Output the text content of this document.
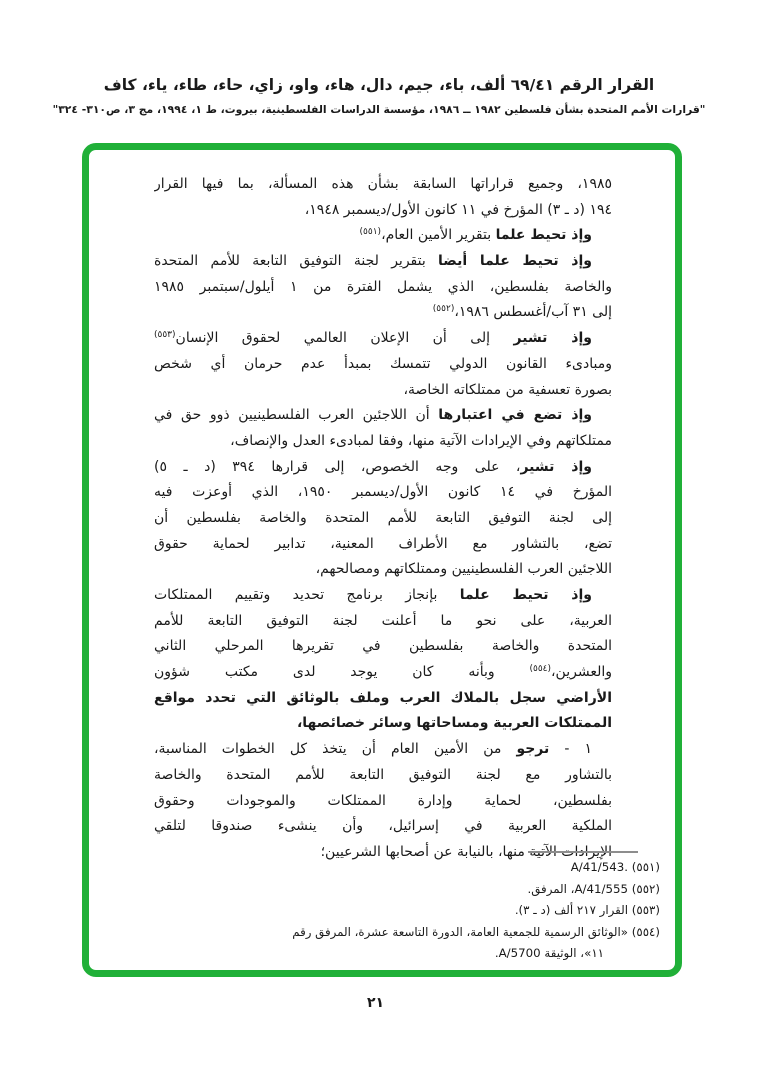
القرار الرقم ٦٩/٤١ ألف، باء، جيم، دال، هاء، واو، زاي، حاء، طاء، ياء، كاف
"قرارات الأمم المتحدة بشأن فلسطين ١٩٨٢ ــ ١٩٨٦، مؤسسة الدراسات الفلسطينية، بيروت، ط ١، ١٩٩٤، مج ٣، ص٣١٠- ٣٢٤"
١٩٨٥، وجميع قراراتها السابقة بشأن هذه المسألة، بما فيها القرار
١٩٤ (د ـ ٣) المؤرخ في ١١ كانون الأول/ديسمبر ١٩٤٨،
وإذ تحيط علما بتقرير الأمين العام،$^{(٥٥١)}$
وإذ تحيط علما أيضا بتقرير لجنة التوفيق التابعة للأمم المتحدة
والخاصة بفلسطين، الذي يشمل الفترة من ١ أيلول/سبتمبر ١٩٨٥
إلى ٣١ آب/أغسطس ١٩٨٦،$^{(٥٥٢)}$
وإذ تشير إلى أن الإعلان العالمي لحقوق الإنسان$^{(٥٥٣)}$
ومبادىء القانون الدولي تتمسك بمبدأ عدم حرمان أي شخص
بصورة تعسفية من ممتلكاته الخاصة،
وإذ تضع في اعتبارها أن اللاجئين العرب الفلسطينيين ذوو حق في
ممتلكاتهم وفي الإيرادات الآتية منها، وفقا لمبادىء العدل والإنصاف،
وإذ تشير، على وجه الخصوص، إلى قرارها ٣٩٤ (د ـ ٥)
المؤرخ في ١٤ كانون الأول/ديسمبر ١٩٥٠، الذي أوعزت فيه
إلى لجنة التوفيق التابعة للأمم المتحدة والخاصة بفلسطين أن
تضع، بالتشاور مع الأطراف المعنية، تدابير لحماية حقوق
اللاجئين العرب الفلسطينيين وممتلكاتهم ومصالحهم،
وإذ تحيط علما بإنجاز برنامج تحديد وتقييم الممتلكات
العربية، على نحو ما أعلنت لجنة التوفيق التابعة للأمم
المتحدة والخاصة بفلسطين في تقريرها المرحلي الثاني
والعشرين،$^{(٥٥٤)}$ وبأنه كان يوجد لدى مكتب شؤون
الأراضي سجل بالملاك العرب وملف بالوثائق التي تحدد مواقع
الممتلكات العربية ومساحاتها وسائر خصائصها،
١ - ترجو من الأمين العام أن يتخذ كل الخطوات المناسبة،
بالتشاور مع لجنة التوفيق التابعة للأمم المتحدة والخاصة
بفلسطين، لحماية وإدارة الممتلكات والموجودات وحقوق
الملكية العربية في إسرائيل، وأن ينشىء صندوقا لتلقي
الإيرادات الآتية منها، بالنيابة عن أصحابها الشرعيين؛
(٥٥١) A/41/543.
(٥٥٢) A/41/555، المرفق.
(٥٥٣) القرار ٢١٧ ألف (د ـ ٣).
(٥٥٤) «الوثائق الرسمية للجمعية العامة، الدورة التاسعة عشرة، المرفق رقم
١١»، الوثيقة A/5700.
٢١
